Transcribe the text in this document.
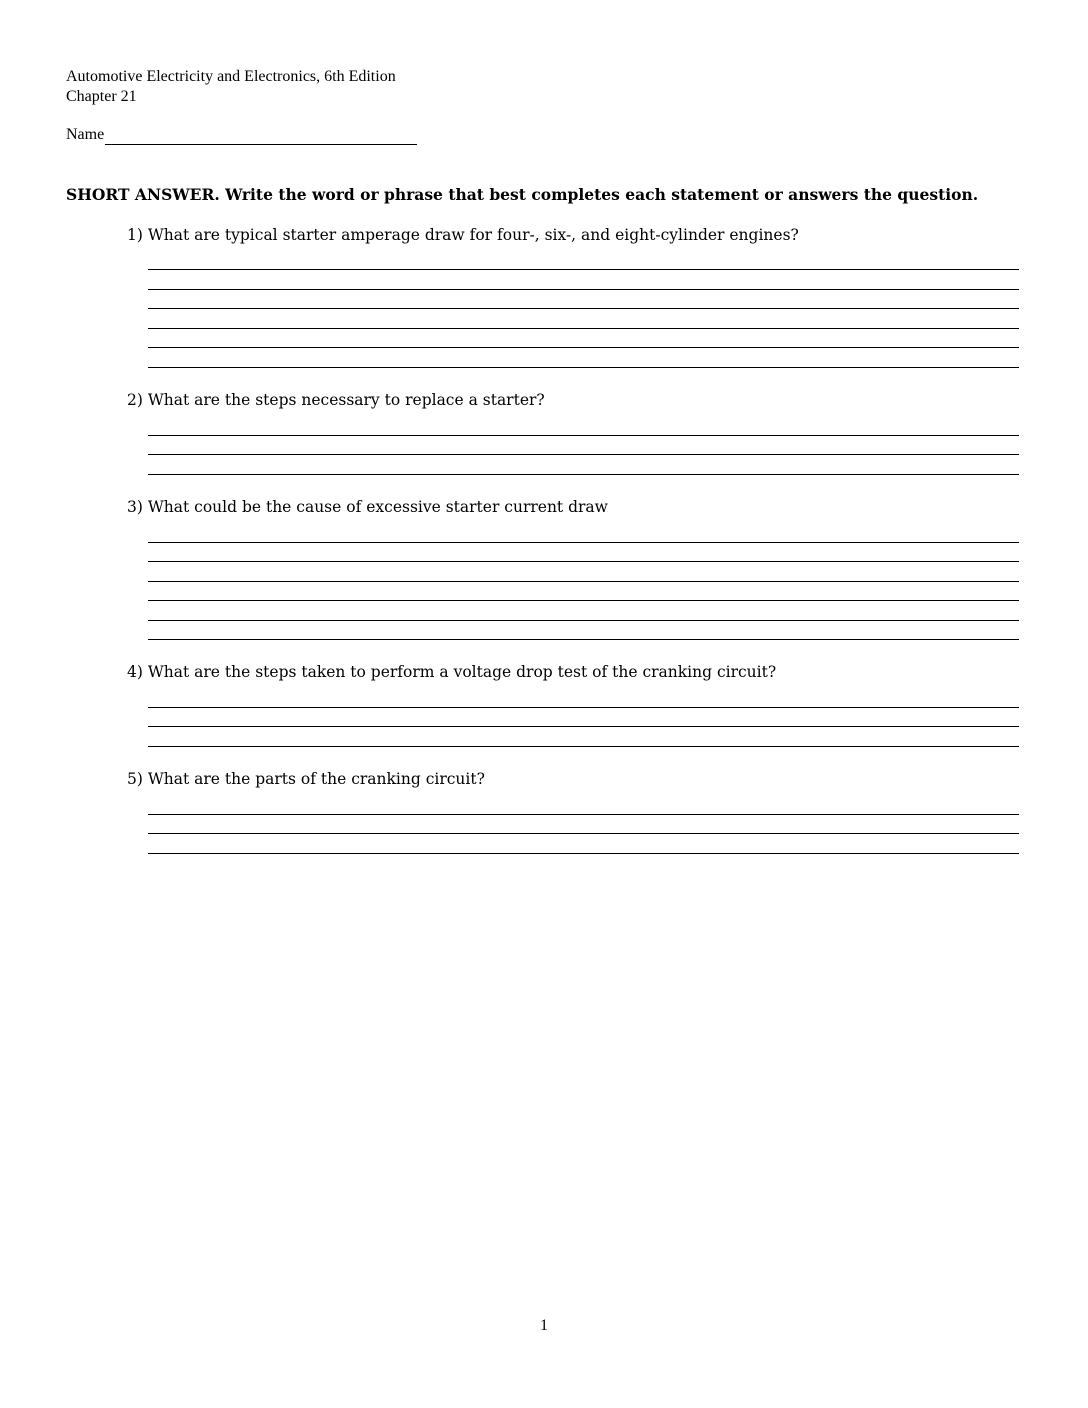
Automotive Electricity and Electronics, 6th Edition
Chapter 21
Name
SHORT ANSWER. Write the word or phrase that best completes each statement or answers the question.
1) What are typical starter amperage draw for four-, six-, and eight-cylinder engines?
2) What are the steps necessary to replace a starter?
3) What could be the cause of excessive starter current draw
4) What are the steps taken to perform a voltage drop test of the cranking circuit?
5) What are the parts of the cranking circuit?
1
